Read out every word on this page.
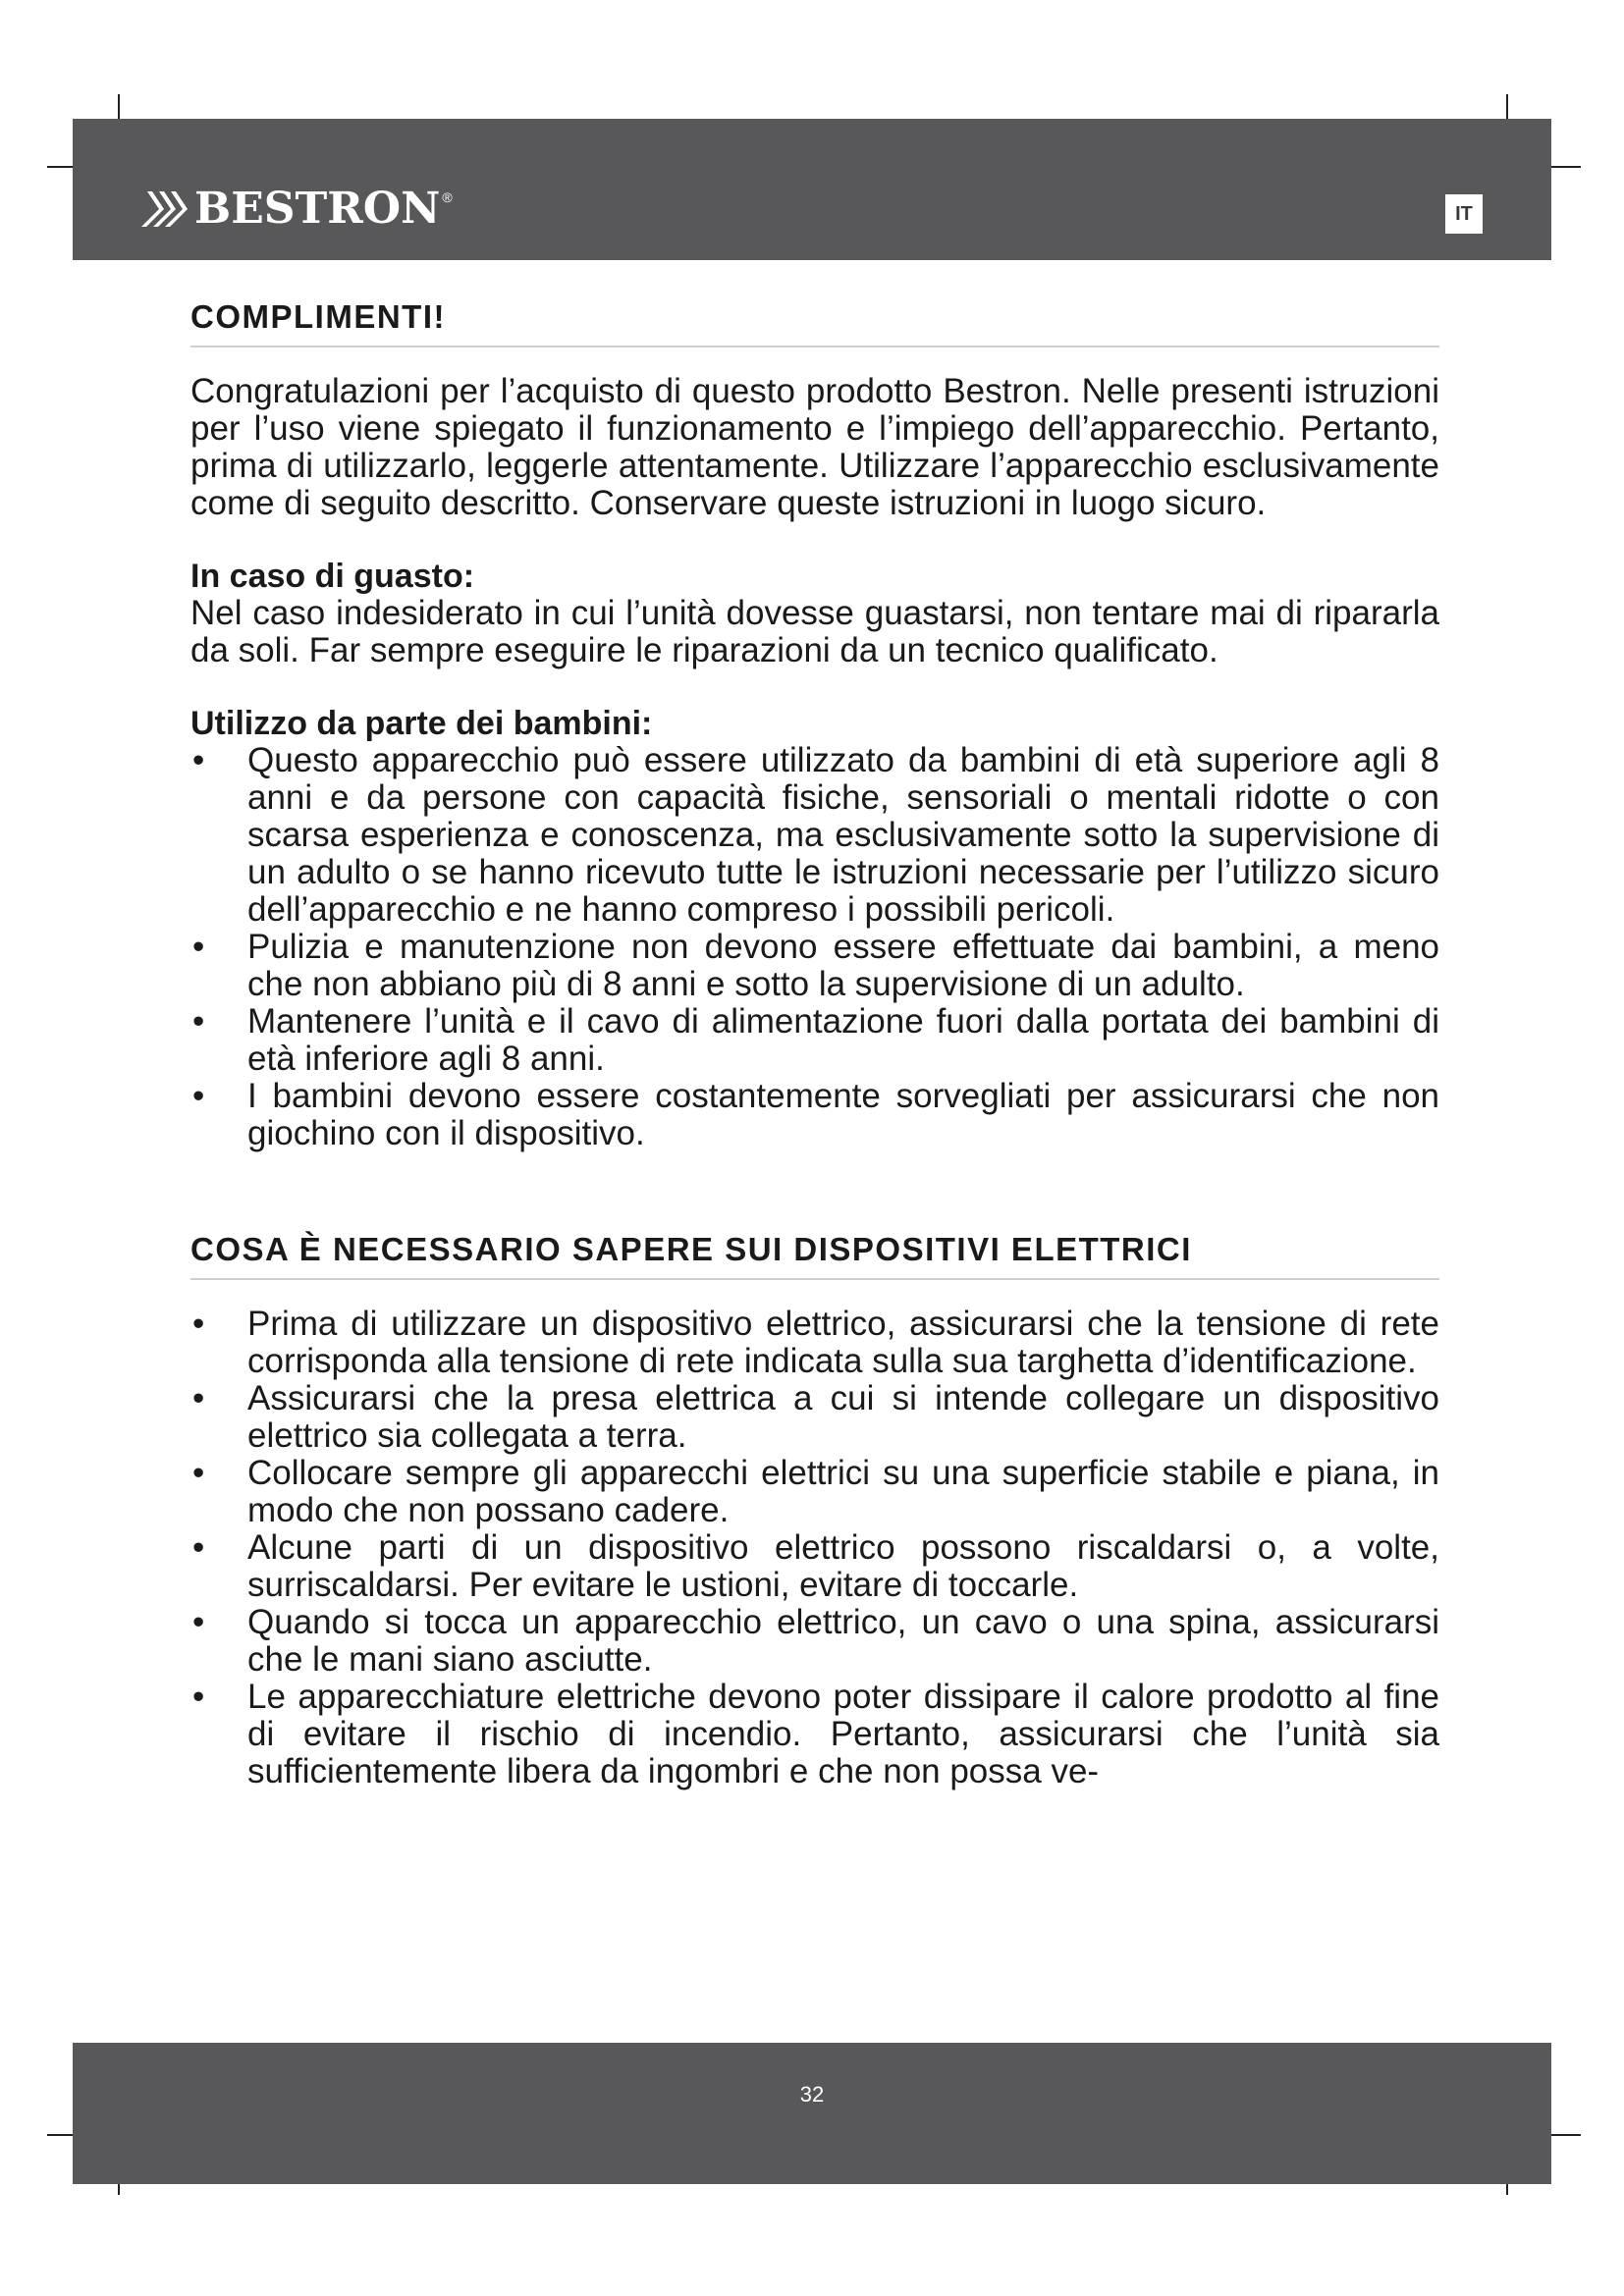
BESTRON ®
IT
COMPLIMENTI!

Congratulazioni per l’acquisto di questo prodotto Bestron. Nelle presenti istruzioni per l’uso viene spiegato il funzionamento e l’impiego dell’apparecchio. Pertanto, prima di utilizzarlo, leggerle attentamente. Utilizzare l’apparecchio esclusivamente come di seguito descritto. Conservare queste istruzioni in luogo sicuro.

In caso di guasto:

Nel caso indesiderato in cui l’unità dovesse guastarsi, non tentare mai di ripararla da soli. Far sempre eseguire le riparazioni da un tecnico qualificato.

Utilizzo da parte dei bambini:

• Questo apparecchio può essere utilizzato da bambini di età superiore agli 8 anni e da persone con capacità fisiche, sensoriali o mentali ridotte o con scarsa esperienza e conoscenza, ma esclusivamente sotto la supervisione di un adulto o se hanno ricevuto tutte le istruzioni necessarie per l’utilizzo sicuro dell’apparecchio e ne hanno compreso i possibili pericoli.
• Pulizia e manutenzione non devono essere effettuate dai bambini, a meno che non abbiano più di 8 anni e sotto la supervisione di un adulto.
• Mantenere l’unità e il cavo di alimentazione fuori dalla portata dei bambini di età inferiore agli 8 anni.
• I bambini devono essere costantemente sorvegliati per assicurarsi che non giochino con il dispositivo.
COSA È NECESSARIO SAPERE SUI DISPOSITIVI ELETTRICI
• Prima di utilizzare un dispositivo elettrico, assicurarsi che la tensione di rete corrisponda alla tensione di rete indicata sulla sua targhetta d’identificazione.
• Assicurarsi che la presa elettrica a cui si intende collegare un dispositivo elettrico sia collegata a terra.
• Collocare sempre gli apparecchi elettrici su una superficie stabile e piana, in modo che non possano cadere.
• Alcune parti di un dispositivo elettrico possono riscaldarsi o, a volte, surriscaldarsi. Per evitare le ustioni, evitare di toccarle.
• Quando si tocca un apparecchio elettrico, un cavo o una spina, assicurarsi che le mani siano asciutte.
• Le apparecchiature elettriche devono poter dissipare il calore prodotto al fine di evitare il rischio di incendio. Pertanto, assicurarsi che l’unità sia sufficientemente libera da ingombri e che non possa ve-
32
